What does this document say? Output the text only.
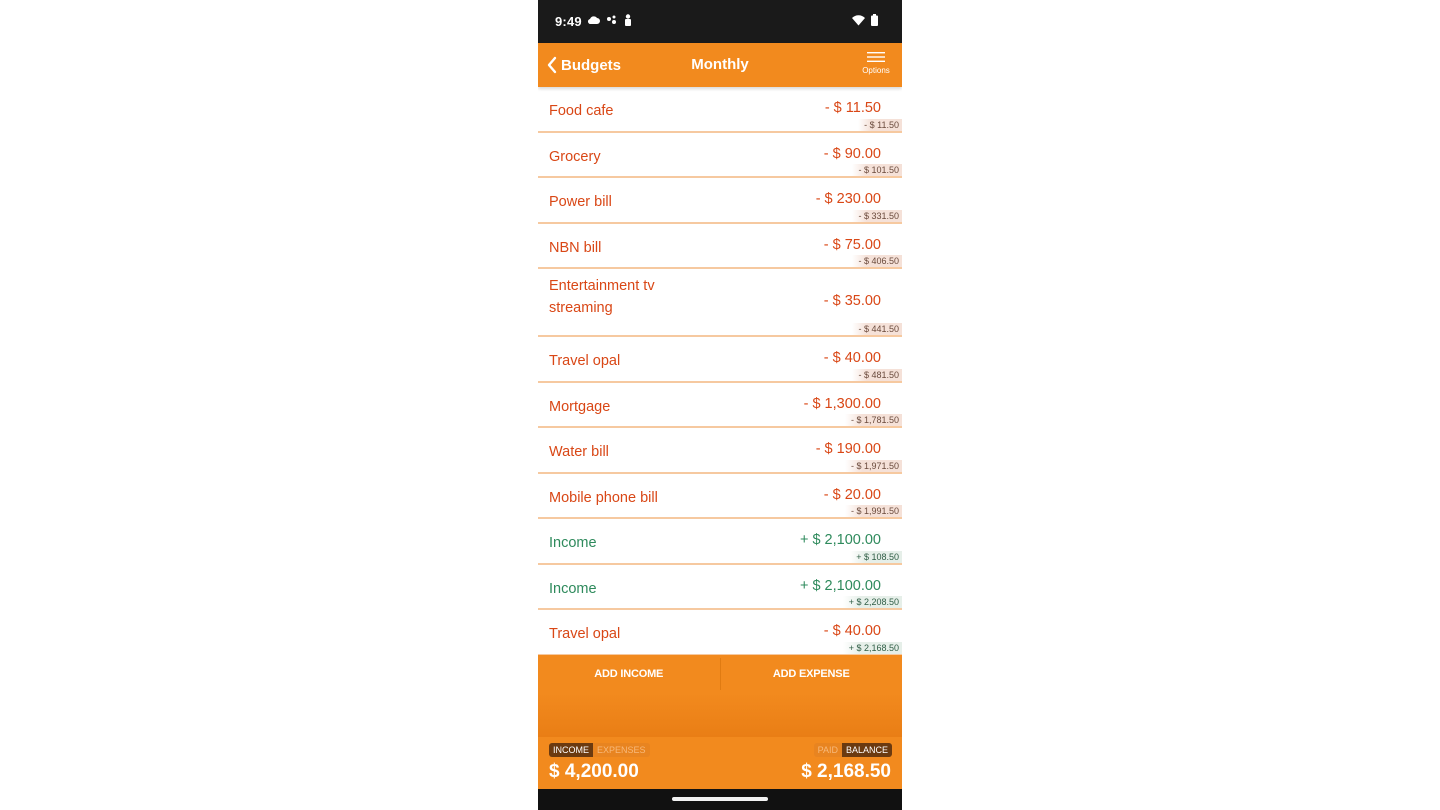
9:49
Budgets	Monthly	Options
Food cafe	- $ 11.50
- $ 11.50
Grocery	- $ 90.00
- $ 101.50
Power bill	- $ 230.00
- $ 331.50
NBN bill	- $ 75.00
- $ 406.50
Entertainment tv streaming	- $ 35.00
- $ 441.50
Travel opal	- $ 40.00
- $ 481.50
Mortgage	- $ 1,300.00
- $ 1,781.50
Water bill	- $ 190.00
- $ 1,971.50
Mobile phone bill	- $ 20.00
- $ 1,991.50
Income	+ $ 2,100.00
+ $ 108.50
Income	+ $ 2,100.00
+ $ 2,208.50
Travel opal	- $ 40.00
+ $ 2,168.50
ADD INCOME	ADD EXPENSE
INCOME EXPENSES	PAID BALANCE
$ 4,200.00	$ 2,168.50
